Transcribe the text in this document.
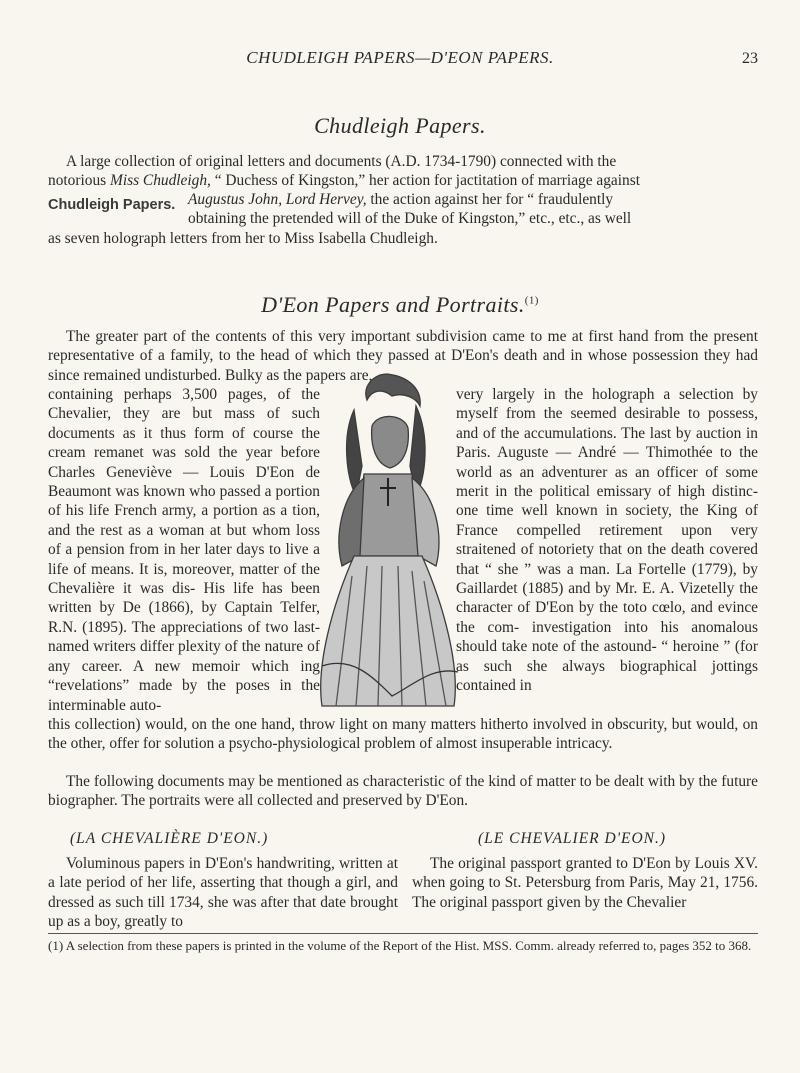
CHUDLEIGH PAPERS—D'EON PAPERS.	23
Chudleigh Papers.
A large collection of original letters and documents (A.D. 1734-1790) connected with the
notorious Miss Chudleigh, “ Duchess of Kingston,” her action for jactitation of marriage against
Chudleigh Papers. Augustus John, Lord Hervey, the action against her for “ fraudulently
obtaining the pretended will of the Duke of Kingston,” etc., etc., as well
as seven holograph letters from her to Miss Isabella Chudleigh.
D'Eon Papers and Portraits.$^{(1)}$
The greater part of the contents of this very important subdivision came to me at first hand from the present representative of a family, to the head of which they passed at D'Eon's death and in whose possession they had since remained undisturbed. Bulky as the papers are,
containing perhaps 3,500 pages, of the Chevalier, they are but mass of such documents as it thus form of course the cream remanet was sold the year before Charles Geneviève — Louis D'Eon de Beaumont was known who passed a portion of his life French army, a portion as a tion, and the rest as a woman at but whom loss of a pension from in her later days to live a life of means. It is, moreover, matter of the Chevalière it was dis- His life has been written by De (1866), by Captain Telfer, R.N. (1895). The appreciations of two last-named writers differ plexity of the nature of any career. A new memoir which ing “revelations” made by the poses in the interminable auto-
very largely in the holograph a selection by myself from the seemed desirable to possess, and of the accumulations. The last by auction in Paris. Auguste — André — Thimothée to the world as an adventurer as an officer of some merit in the political emissary of high distinc- one time well known in society, the King of France compelled retirement upon very straitened of notoriety that on the death covered that “ she ” was a man. La Fortelle (1779), by Gaillardet (1885) and by Mr. E. A. Vizetelly the character of D'Eon by the toto cœlo, and evince the com- investigation into his anomalous should take note of the astound- “ heroine ” (for as such she always biographical jottings contained in
this collection) would, on the one hand, throw light on many matters hitherto involved in obscurity, but would, on the other, offer for solution a psycho-physiological problem of almost insuperable intricacy.
The following documents may be mentioned as characteristic of the kind of matter to be dealt with by the future biographer. The portraits were all collected and preserved by D'Eon.
(LA CHEVALIÈRE D'EON.)	(LE CHEVALIER D'EON.)
Voluminous papers in D'Eon's handwriting, written at a late period of her life, asserting that though a girl, and dressed as such till 1734, she was after that date brought up as a boy, greatly to
The original passport granted to D'Eon by Louis XV. when going to St. Petersburg from Paris, May 21, 1756. The original passport given by the Chevalier
(1) A selection from these papers is printed in the volume of the Report of the Hist. MSS. Comm. already referred to, pages 352 to 368.
